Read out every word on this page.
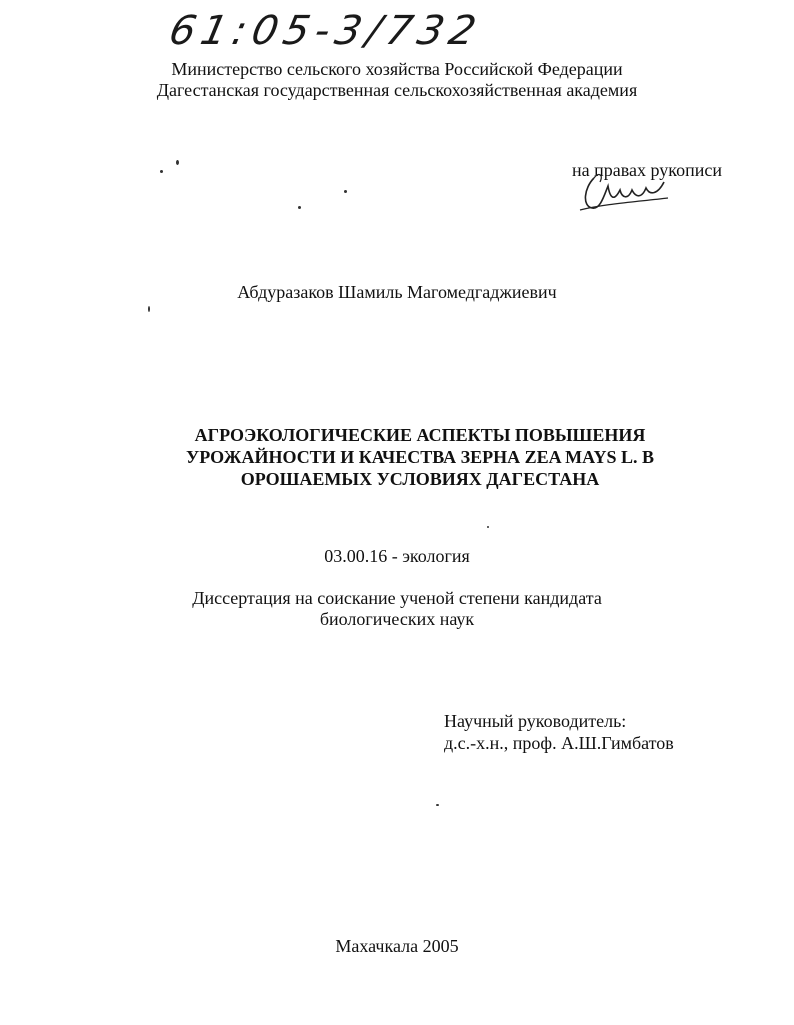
61:05-3/732
Министерство сельского хозяйства Российской Федерации
Дагестанская государственная сельскохозяйственная академия
на правах рукописи
Абдуразаков Шамиль Магомедгаджиевич
АГРОЭКОЛОГИЧЕСКИЕ АСПЕКТЫ ПОВЫШЕНИЯ
УРОЖАЙНОСТИ И КАЧЕСТВА ЗЕРНА ZEA MAYS L. В
ОРОШАЕМЫХ УСЛОВИЯХ ДАГЕСТАНА
03.00.16 - экология
Диссертация на соискание ученой степени кандидата
биологических наук
Научный руководитель:
д.с.-х.н., проф. А.Ш.Гимбатов
Махачкала 2005
